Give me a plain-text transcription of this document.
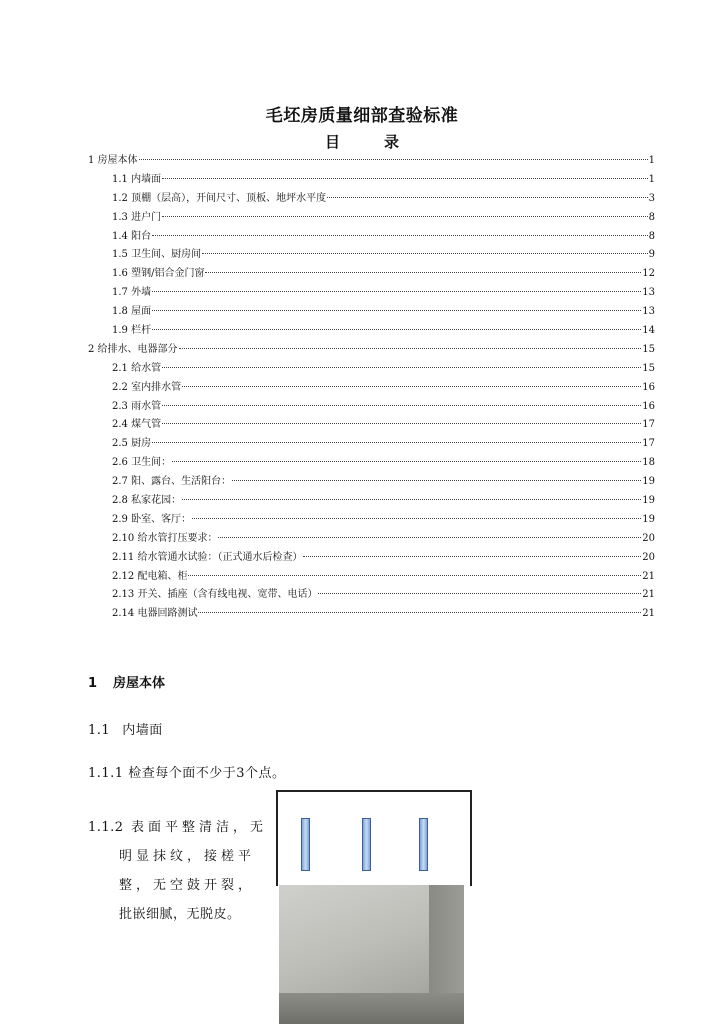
毛坯房质量细部查验标准
目	录
1 房屋本体	1
1.1 内墙面	1
1.2 顶棚（层高），开间尺寸、顶板、地坪水平度	3
1.3 进户门	8
1.4 阳台	8
1.5 卫生间、厨房间	9
1.6 塑钢/铝合金门窗	12
1.7 外墙	13
1.8 屋面	13
1.9 栏杆	14
2 给排水、电器部分	15
2.1 给水管	15
2.2 室内排水管	16
2.3 雨水管	16
2.4 煤气管	17
2.5 厨房	17
2.6 卫生间：	18
2.7 阳、露台、生活阳台：	19
2.8 私家花园：	19
2.9 卧室、客厅：	19
2.10 给水管打压要求：	20
2.11 给水管通水试验：（正式通水后检查）	20
2.12 配电箱、柜	21
2.13 开关、插座（含有线电视、宽带、电话）	21
2.14 电器回路测试	21
1 房屋本体
1.1 内墙面
1.1.1 检查每个面不少于3个点。
1.1.2 表面平整清洁，无
明显抹纹，接槎平
整，无空鼓开裂，
批嵌细腻，无脱皮。
